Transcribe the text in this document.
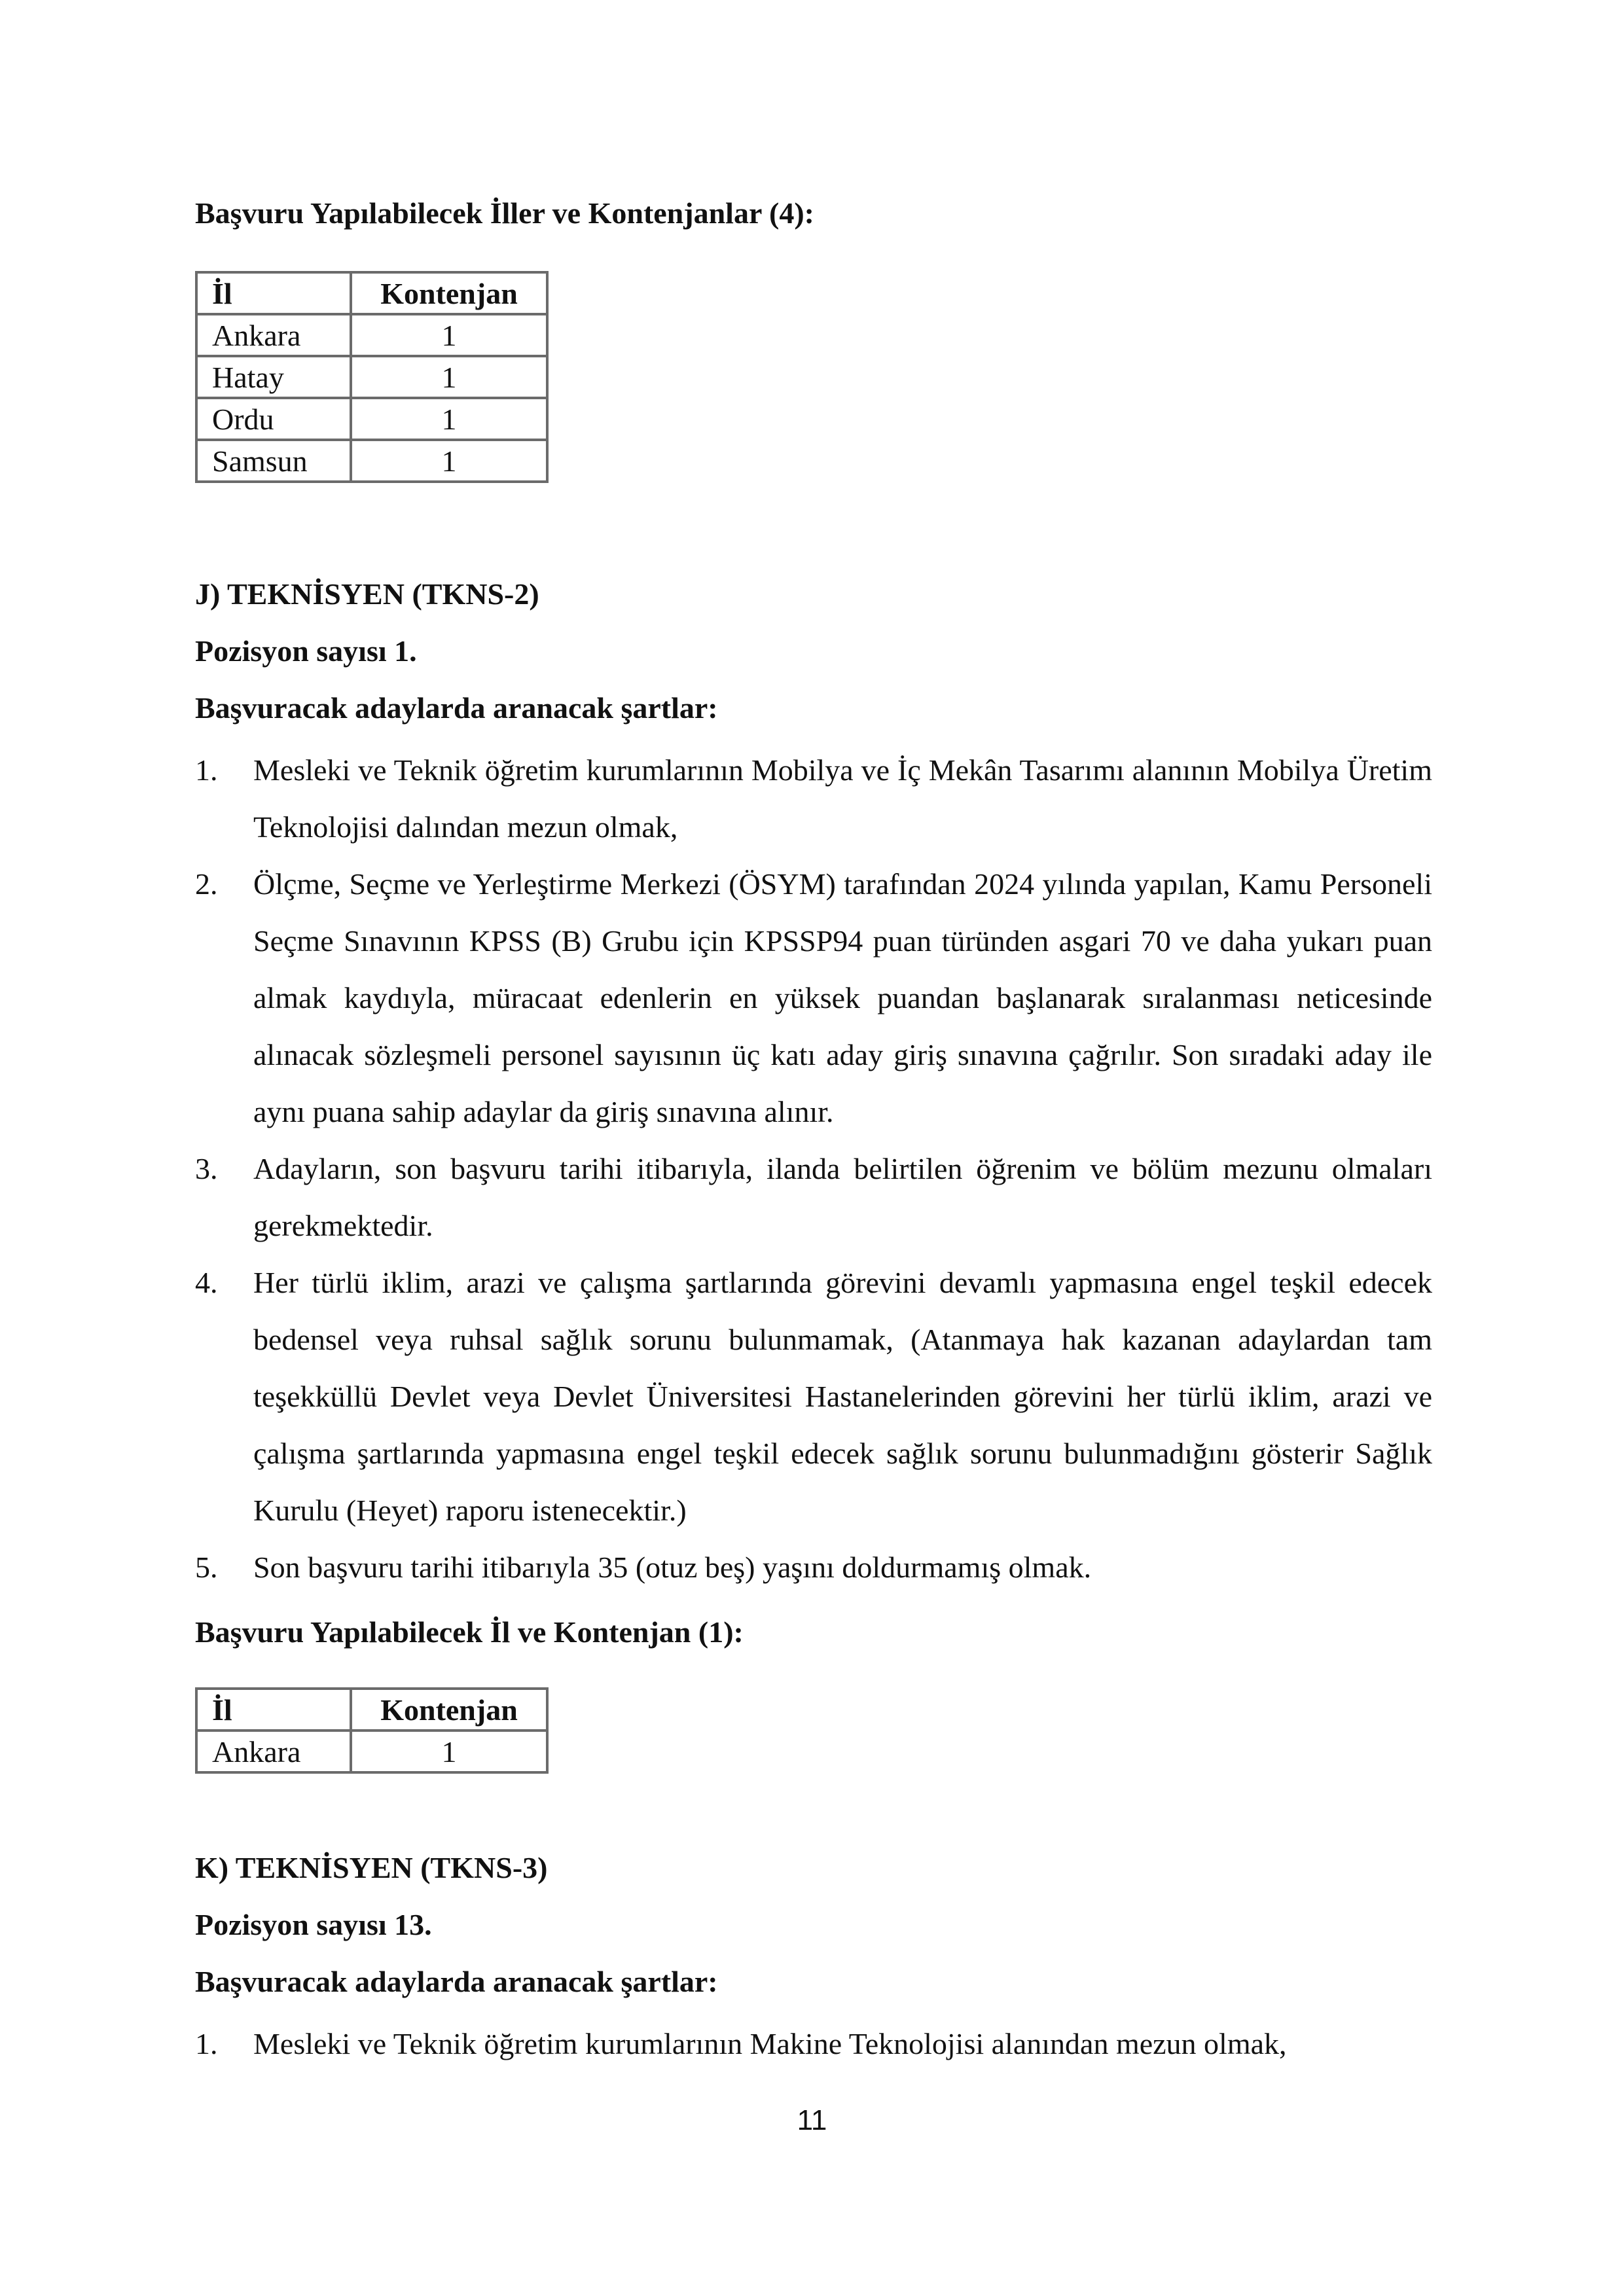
Başvuru Yapılabilecek İller ve Kontenjanlar (4):
İl	Kontenjan
Ankara	1
Hatay	1
Ordu	1
Samsun	1
J) TEKNİSYEN (TKNS-2)
Pozisyon sayısı 1.
Başvuracak adaylarda aranacak şartlar:
1. Mesleki ve Teknik öğretim kurumlarının Mobilya ve İç Mekân Tasarımı alanının Mobilya Üretim Teknolojisi dalından mezun olmak,
2. Ölçme, Seçme ve Yerleştirme Merkezi (ÖSYM) tarafından 2024 yılında yapılan, Kamu Personeli Seçme Sınavının KPSS (B) Grubu için KPSSP94 puan türünden asgari 70 ve daha yukarı puan almak kaydıyla, müracaat edenlerin en yüksek puandan başlanarak sıralanması neticesinde alınacak sözleşmeli personel sayısının üç katı aday giriş sınavına çağrılır. Son sıradaki aday ile aynı puana sahip adaylar da giriş sınavına alınır.
3. Adayların, son başvuru tarihi itibarıyla, ilanda belirtilen öğrenim ve bölüm mezunu olmaları gerekmektedir.
4. Her türlü iklim, arazi ve çalışma şartlarında görevini devamlı yapmasına engel teşkil edecek bedensel veya ruhsal sağlık sorunu bulunmamak, (Atanmaya hak kazanan adaylardan tam teşekküllü Devlet veya Devlet Üniversitesi Hastanelerinden görevini her türlü iklim, arazi ve çalışma şartlarında yapmasına engel teşkil edecek sağlık sorunu bulunmadığını gösterir Sağlık Kurulu (Heyet) raporu istenecektir.)
5. Son başvuru tarihi itibarıyla 35 (otuz beş) yaşını doldurmamış olmak.
Başvuru Yapılabilecek İl ve Kontenjan (1):
İl	Kontenjan
Ankara	1
K) TEKNİSYEN (TKNS-3)
Pozisyon sayısı 13.
Başvuracak adaylarda aranacak şartlar:
1. Mesleki ve Teknik öğretim kurumlarının Makine Teknolojisi alanından mezun olmak,
11
